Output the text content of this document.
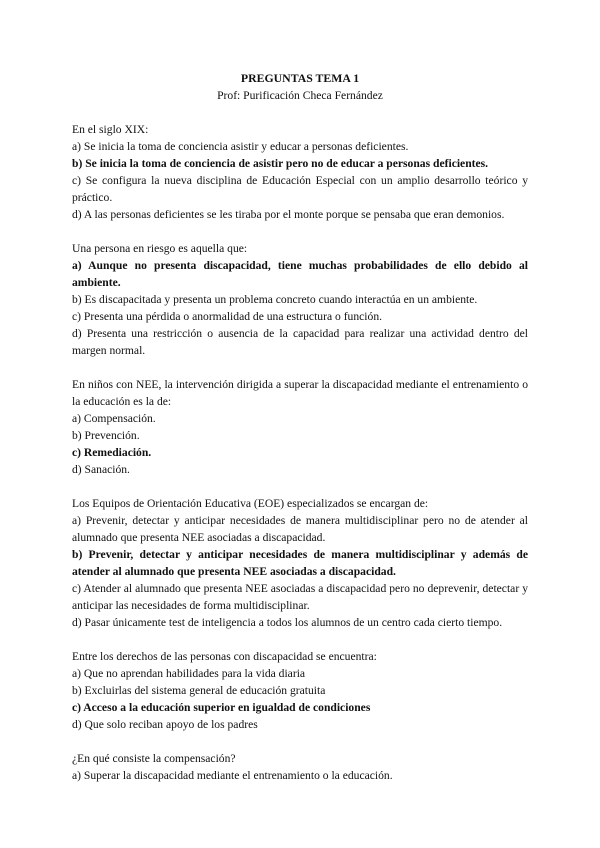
PREGUNTAS TEMA 1
Prof: Purificación Checa Fernández

En el siglo XIX:

a) Se inicia la toma de conciencia asistir y educar a personas deficientes.

b) Se inicia la toma de conciencia de asistir pero no de educar a personas deficientes.

c) Se configura la nueva disciplina de Educación Especial con un amplio desarrollo teórico y práctico.

d) A las personas deficientes se les tiraba por el monte porque se pensaba que eran demonios.

Una persona en riesgo es aquella que:

a) Aunque no presenta discapacidad, tiene muchas probabilidades de ello debido al ambiente.

b) Es discapacitada y presenta un problema concreto cuando interactúa en un ambiente.

c) Presenta una pérdida o anormalidad de una estructura o función.

d) Presenta una restricción o ausencia de la capacidad para realizar una actividad dentro del margen normal.

En niños con NEE, la intervención dirigida a superar la discapacidad mediante el entrenamiento o la educación es la de:

a) Compensación.

b) Prevención.

c) Remediación.

d) Sanación.

Los Equipos de Orientación Educativa (EOE) especializados se encargan de:

a) Prevenir, detectar y anticipar necesidades de manera multidisciplinar pero no de atender al alumnado que presenta NEE asociadas a discapacidad.

b) Prevenir, detectar y anticipar necesidades de manera multidisciplinar y además de atender al alumnado que presenta NEE asociadas a discapacidad.

c) Atender al alumnado que presenta NEE asociadas a discapacidad pero no deprevenir, detectar y anticipar las necesidades de forma multidisciplinar.

d) Pasar únicamente test de inteligencia a todos los alumnos de un centro cada cierto tiempo.

Entre los derechos de las personas con discapacidad se encuentra:

a) Que no aprendan habilidades para la vida diaria

b) Excluirlas del sistema general de educación gratuita

c) Acceso a la educación superior en igualdad de condiciones

d) Que solo reciban apoyo de los padres

¿En qué consiste la compensación?

a) Superar la discapacidad mediante el entrenamiento o la educación.
